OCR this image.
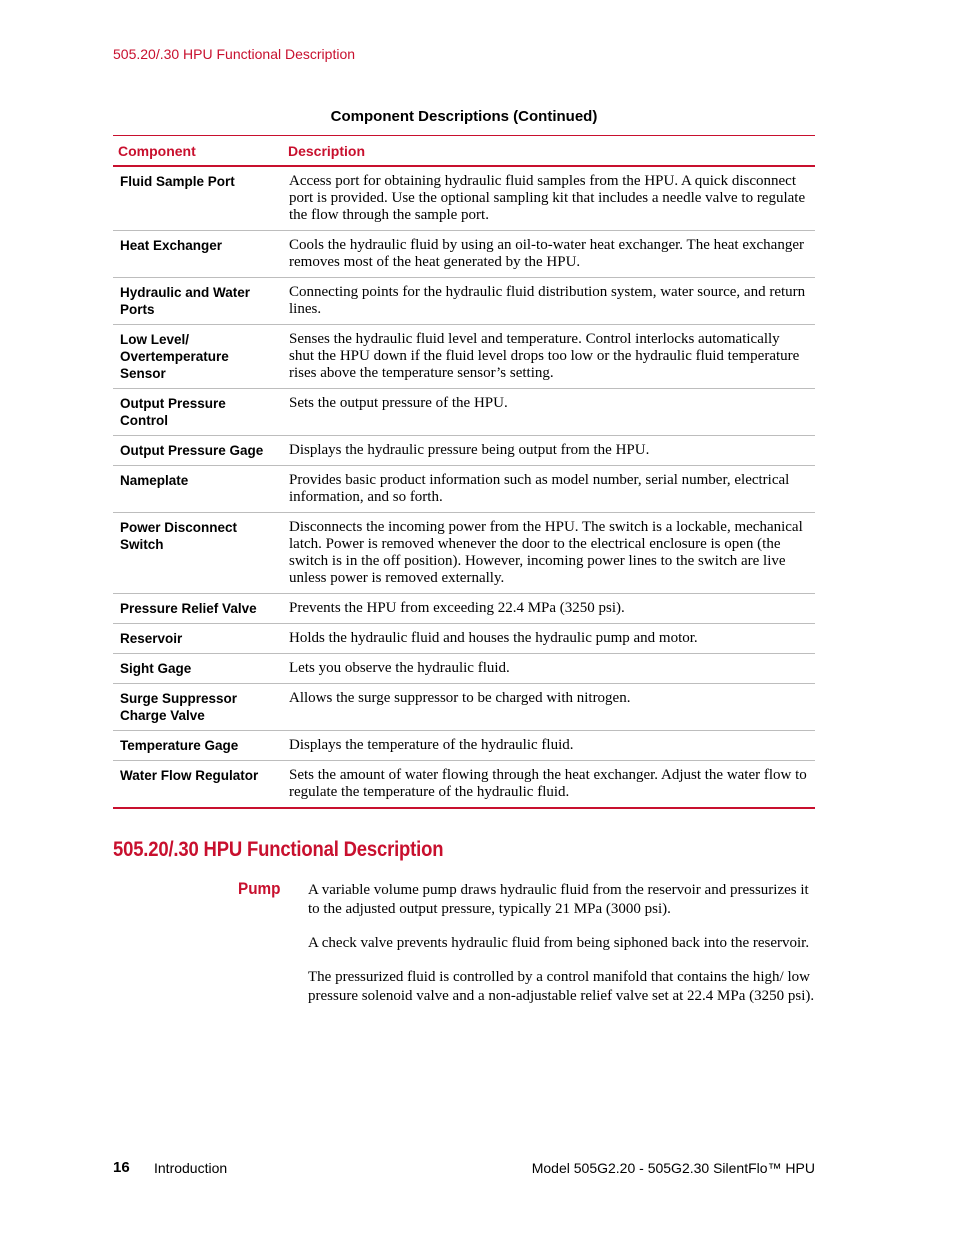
505.20/.30 HPU Functional Description
Component Descriptions (Continued)
Component	Description
Fluid Sample Port	Access port for obtaining hydraulic fluid samples from the HPU. A quick disconnect port is provided. Use the optional sampling kit that includes a needle valve to regulate the flow through the sample port.
Heat Exchanger	Cools the hydraulic fluid by using an oil-to-water heat exchanger. The heat exchanger removes most of the heat generated by the HPU.
Hydraulic and Water Ports	Connecting points for the hydraulic fluid distribution system, water source, and return lines.
Low Level/ Overtemperature Sensor	Senses the hydraulic fluid level and temperature. Control interlocks automatically shut the HPU down if the fluid level drops too low or the hydraulic fluid temperature rises above the temperature sensor’s setting.
Output Pressure Control	Sets the output pressure of the HPU.
Output Pressure Gage	Displays the hydraulic pressure being output from the HPU.
Nameplate	Provides basic product information such as model number, serial number, electrical information, and so forth.
Power Disconnect Switch	Disconnects the incoming power from the HPU. The switch is a lockable, mechanical latch. Power is removed whenever the door to the electrical enclosure is open (the switch is in the off position). However, incoming power lines to the switch are live unless power is removed externally.
Pressure Relief Valve	Prevents the HPU from exceeding 22.4 MPa (3250 psi).
Reservoir	Holds the hydraulic fluid and houses the hydraulic pump and motor.
Sight Gage	Lets you observe the hydraulic fluid.
Surge Suppressor Charge Valve	Allows the surge suppressor to be charged with nitrogen.
Temperature Gage	Displays the temperature of the hydraulic fluid.
Water Flow Regulator	Sets the amount of water flowing through the heat exchanger. Adjust the water flow to regulate the temperature of the hydraulic fluid.
505.20/.30 HPU Functional Description
Pump A variable volume pump draws hydraulic fluid from the reservoir and pressurizes it to the adjusted output pressure, typically 21 MPa (3000 psi).

A check valve prevents hydraulic fluid from being siphoned back into the reservoir.

The pressurized fluid is controlled by a control manifold that contains the high/ low pressure solenoid valve and a non-adjustable relief valve set at 22.4 MPa (3250 psi).

16 Introduction	Model 505G2.20 - 505G2.30 SilentFlo™ HPU
